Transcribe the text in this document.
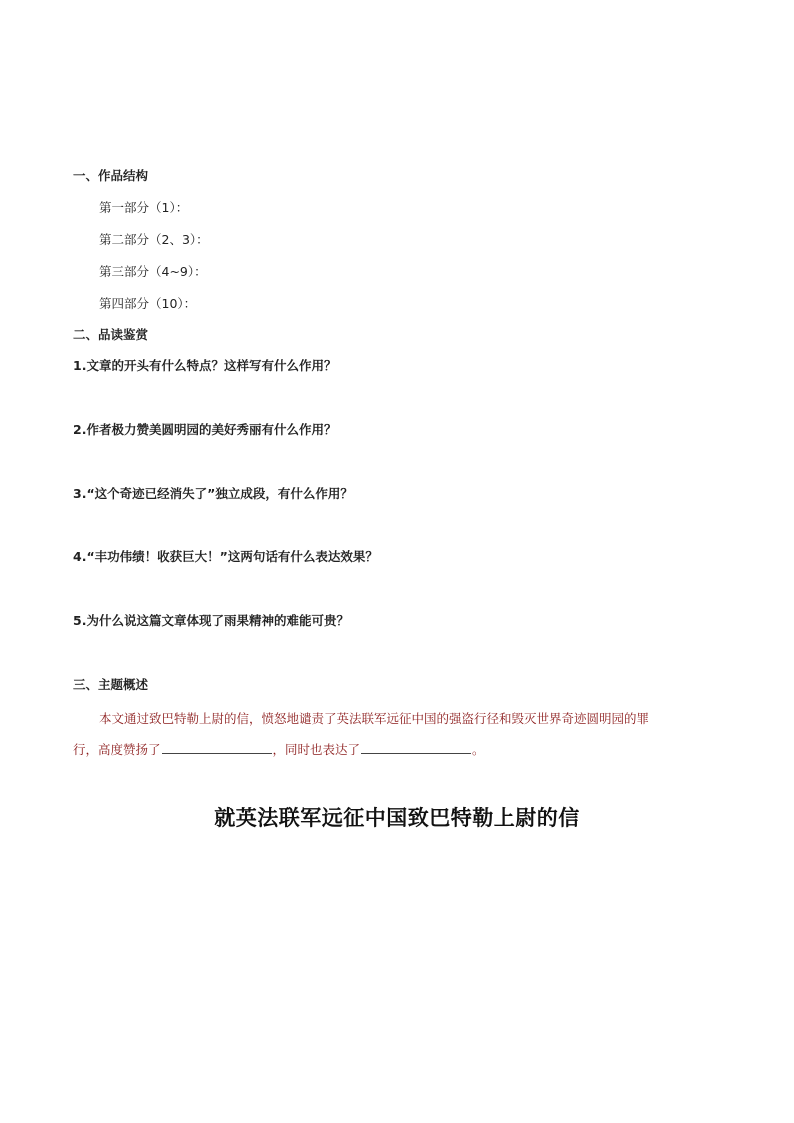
一、作品结构
第一部分（1）：
第二部分（2、3）：
第三部分（4~9）：
第四部分（10）：
二、品读鉴赏
1.文章的开头有什么特点？这样写有什么作用？
2.作者极力赞美圆明园的美好秀丽有什么作用？
3.“这个奇迹已经消失了”独立成段，有什么作用？
4.“丰功伟绩！收获巨大！”这两句话有什么表达效果？
5.为什么说这篇文章体现了雨果精神的难能可贵？
三、主题概述
本文通过致巴特勒上尉的信，愤怒地谴责了英法联军远征中国的强盗行径和毁灭世界奇迹圆明园的罪
行，高度赞扬了	，同时也表达了	。
就英法联军远征中国致巴特勒上尉的信
